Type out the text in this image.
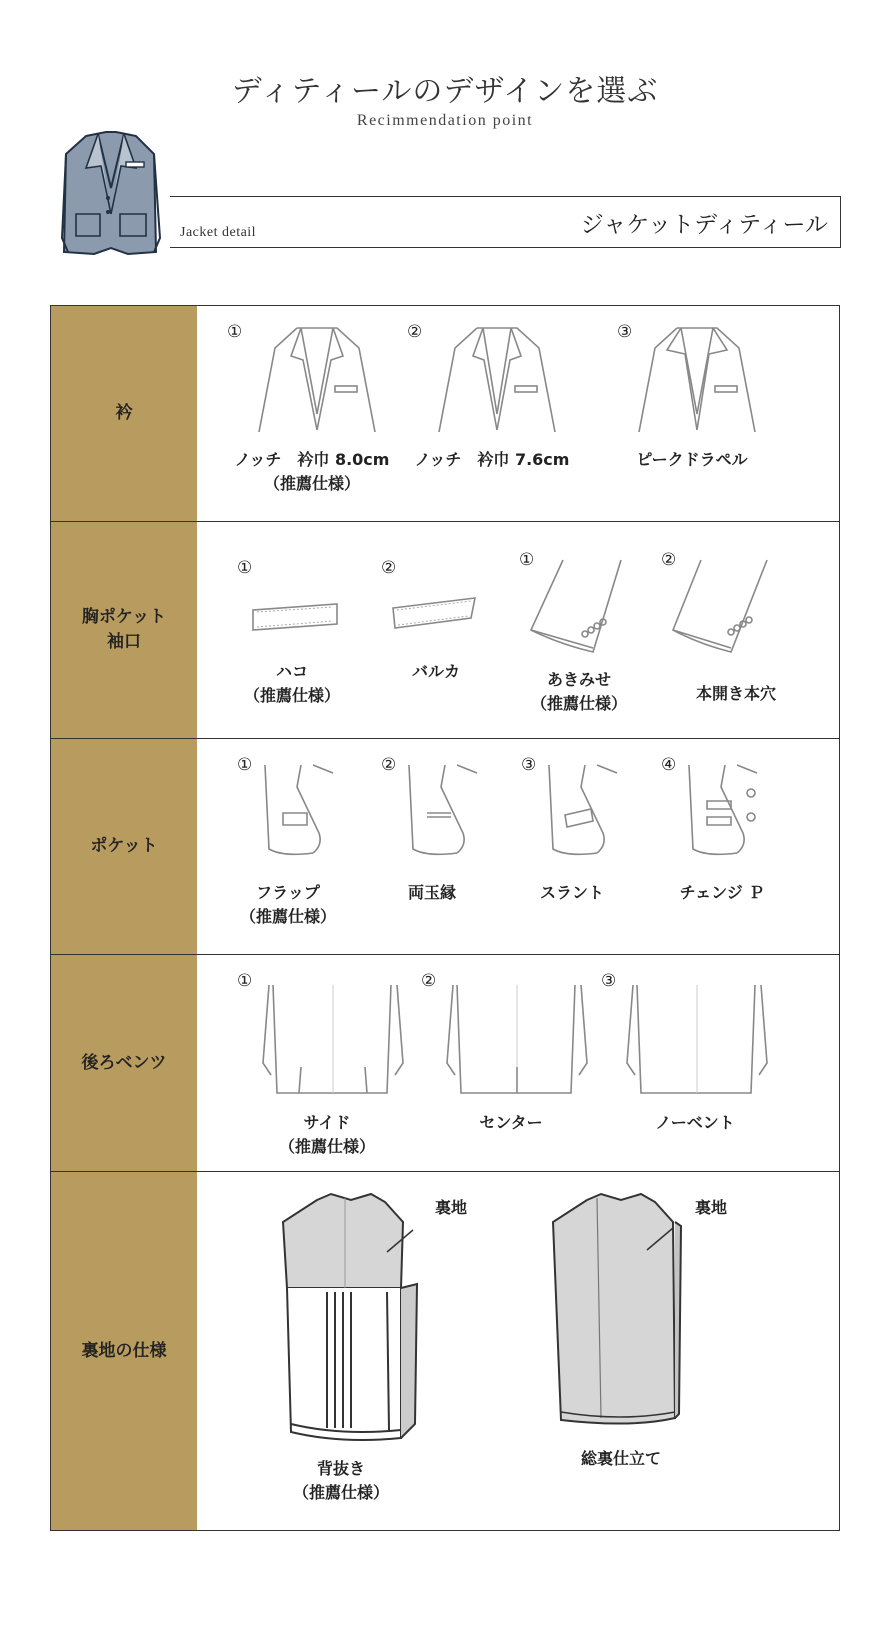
ディティールのデザインを選ぶ
Recimmendation point
Jacket detail	ジャケットディティール
衿
①
ノッチ　衿巾 8.0cm
（推薦仕様）
②
ノッチ　衿巾 7.6cm
③
ピークドラペル
胸ポケット
袖口
①
ハコ
（推薦仕様）
②
バルカ
①
あきみせ
（推薦仕様）
②
本開き本穴
ポケット
①
フラップ
（推薦仕様）
②
両玉縁
③
スラント
④
チェンジ Ｐ
後ろベンツ
①
サイド
（推薦仕様）
②
センター
③
ノーベント
裏地の仕様
裏地
背抜き
（推薦仕様）
裏地
総裏仕立て
